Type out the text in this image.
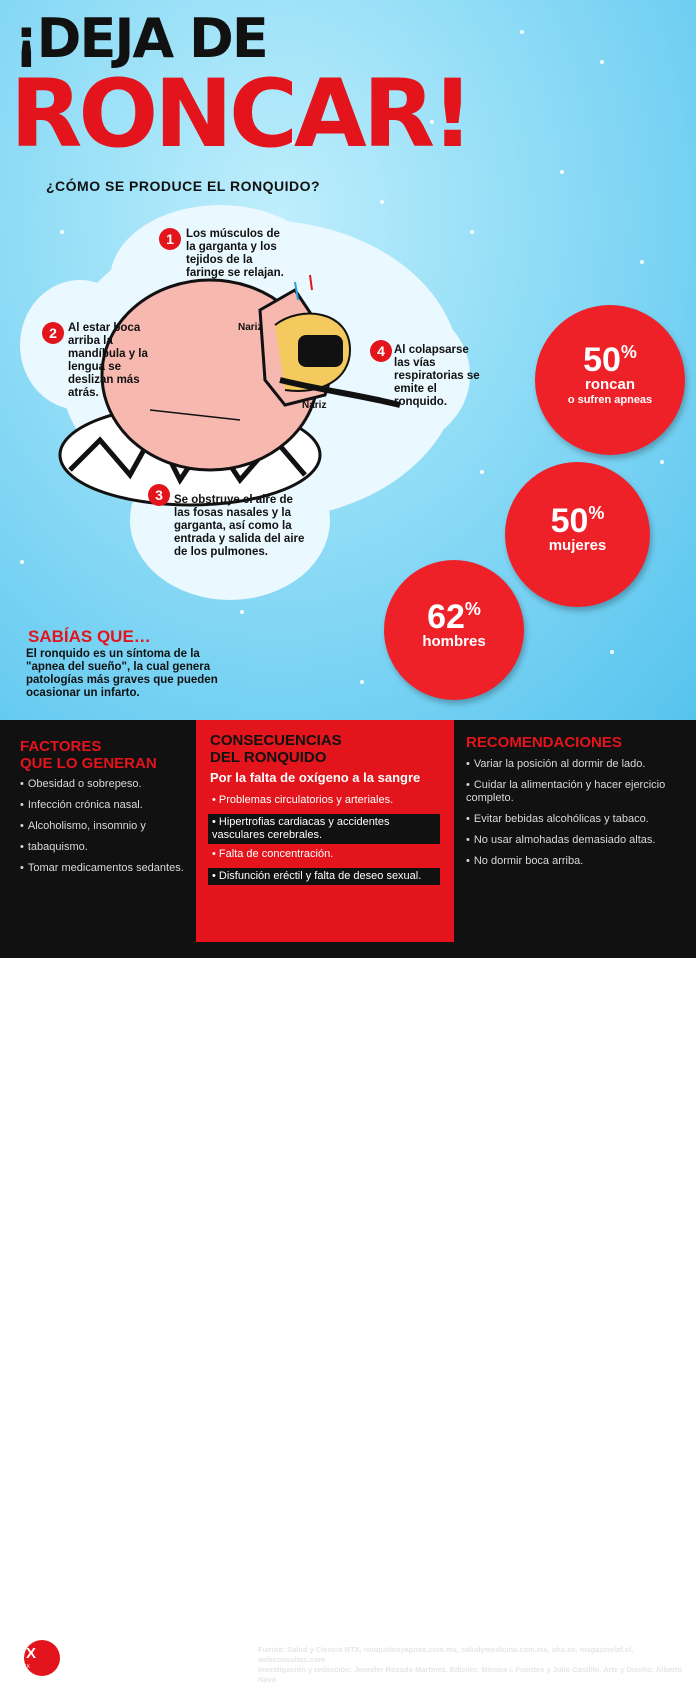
¡DEJA DE
RONCAR!
¿CÓMO SE PRODUCE EL RONQUIDO?
Nariz
Nariz
1	Los músculos de la garganta y los tejidos de la faringe se relajan.
2 Al estar boca arriba la mandíbula y la lengua se deslizan más atrás.
3 Se obstruye el aire de las fosas nasales y la garganta, así como la entrada y salida del aire de los pulmones.
4 Al colapsarse las vías respiratorias se emite el ronquido.
50%
roncan
o sufren apneas
50%
mujeres
62%
hombres
SABÍAS QUE…
El ronquido es un síntoma de la "apnea del sueño", la cual genera patologías más graves que pueden ocasionar un infarto.
FACTORES
QUE LO GENERAN
• Obesidad o sobrepeso.
• Infección crónica nasal.
• Alcoholismo, insomnio y
• tabaquismo.
• Tomar medicamentos sedantes.
RECOMENDACIONES
• Variar la posición al dormir de lado.
• Cuidar la alimentación y hacer ejercicio completo.
• Evitar bebidas alcohólicas y tabaco.
• No usar almohadas demasiado altas.
• No dormir boca arriba.
Fuente: Salud y Ciencia NTX, ronquidosyapnea.com.mx, saludymedicina.com.mx, ohs.es, magazinelaf.cl, webconsultas.com
Investigación y redacción: Jennifer Rosado Martínez. Edición: Mónica I. Fuentes y Julio Castillo. Arte y Diseño: Alberto Nava
NTX
NOTIMEX
CONSECUENCIAS
DEL RONQUIDO
Por la falta de oxígeno a la sangre
• Problemas circulatorios y arteriales.
• Hipertrofias cardiacas y accidentes vasculares cerebrales.
• Falta de concentración.
• Disfunción eréctil y falta de deseo sexual.
